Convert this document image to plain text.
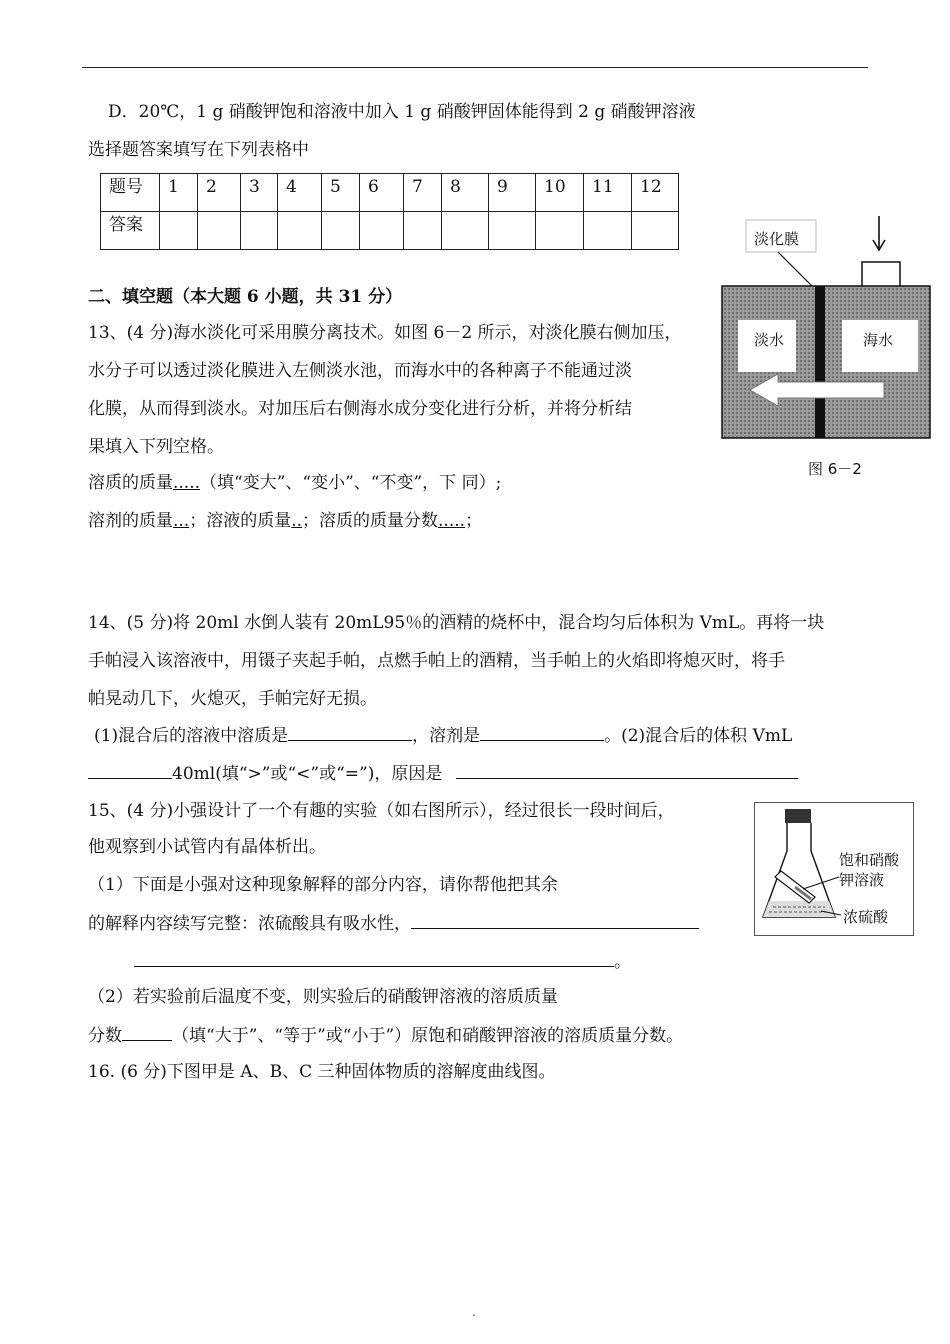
D．20℃，1 g 硝酸钾饱和溶液中加入 1 g 硝酸钾固体能得到 2 g 硝酸钾溶液
选择题答案填写在下列表格中
题号	1	2	3	4	5	6	7	8	9	10	11	12
答案												
二、填空题（本大题 6 小题，共 31 分）
13、(4 分)海水淡化可采用膜分离技术。如图 6－2 所示，对淡化膜右侧加压，
水分子可以透过淡化膜进入左侧淡水池，而海水中的各种离子不能通过淡
化膜，从而得到淡水。对加压后右侧海水成分变化进行分析，并将分析结
果填入下列空格。
溶质的质量.....（填“变大”、“变小”、“不变”，下 同）;
溶剂的质量...；溶液的质量..；溶质的质量分数.....；
淡化膜
淡水	海水
图 6－2
14、(5 分)将 20ml 水倒人装有 20mL95％的酒精的烧杯中，混合均匀后体积为 VmL。再将一块
手帕浸入该溶液中，用镊子夹起手帕，点燃手帕上的酒精，当手帕上的火焰即将熄灭时，将手
帕晃动几下，火熄灭，手帕完好无损。
(1)混合后的溶液中溶质是	，溶剂是	。(2)混合后的体积 VmL
40ml(填“>”或“<”或“=”)，原因是
15、(4 分)小强设计了一个有趣的实验（如右图所示），经过很长一段时间后，
他观察到小试管内有晶体析出。
（1）下面是小强对这种现象解释的部分内容，请你帮他把其余
的解释内容续写完整：浓硫酸具有吸水性，
。
（2）若实验前后温度不变，则实验后的硝酸钾溶液的溶质质量
分数	（填“大于”、“等于”或“小于”）原饱和硝酸钾溶液的溶质质量分数。
饱和硝酸
钾溶液
浓硫酸
16. (6 分)下图甲是 A、B、C 三种固体物质的溶解度曲线图。
.
